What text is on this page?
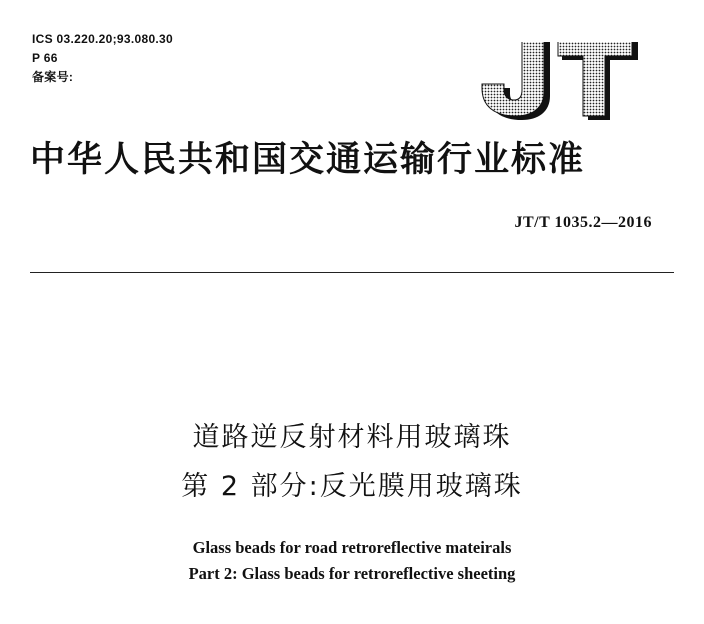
ICS 03.220.20;93.080.30
P 66
备案号:
中华人民共和国交通运输行业标准
JT/T 1035.2—2016
道路逆反射材料用玻璃珠
第 2 部分:反光膜用玻璃珠
Glass beads for road retroreflective mateirals
Part 2: Glass beads for retroreflective sheeting
